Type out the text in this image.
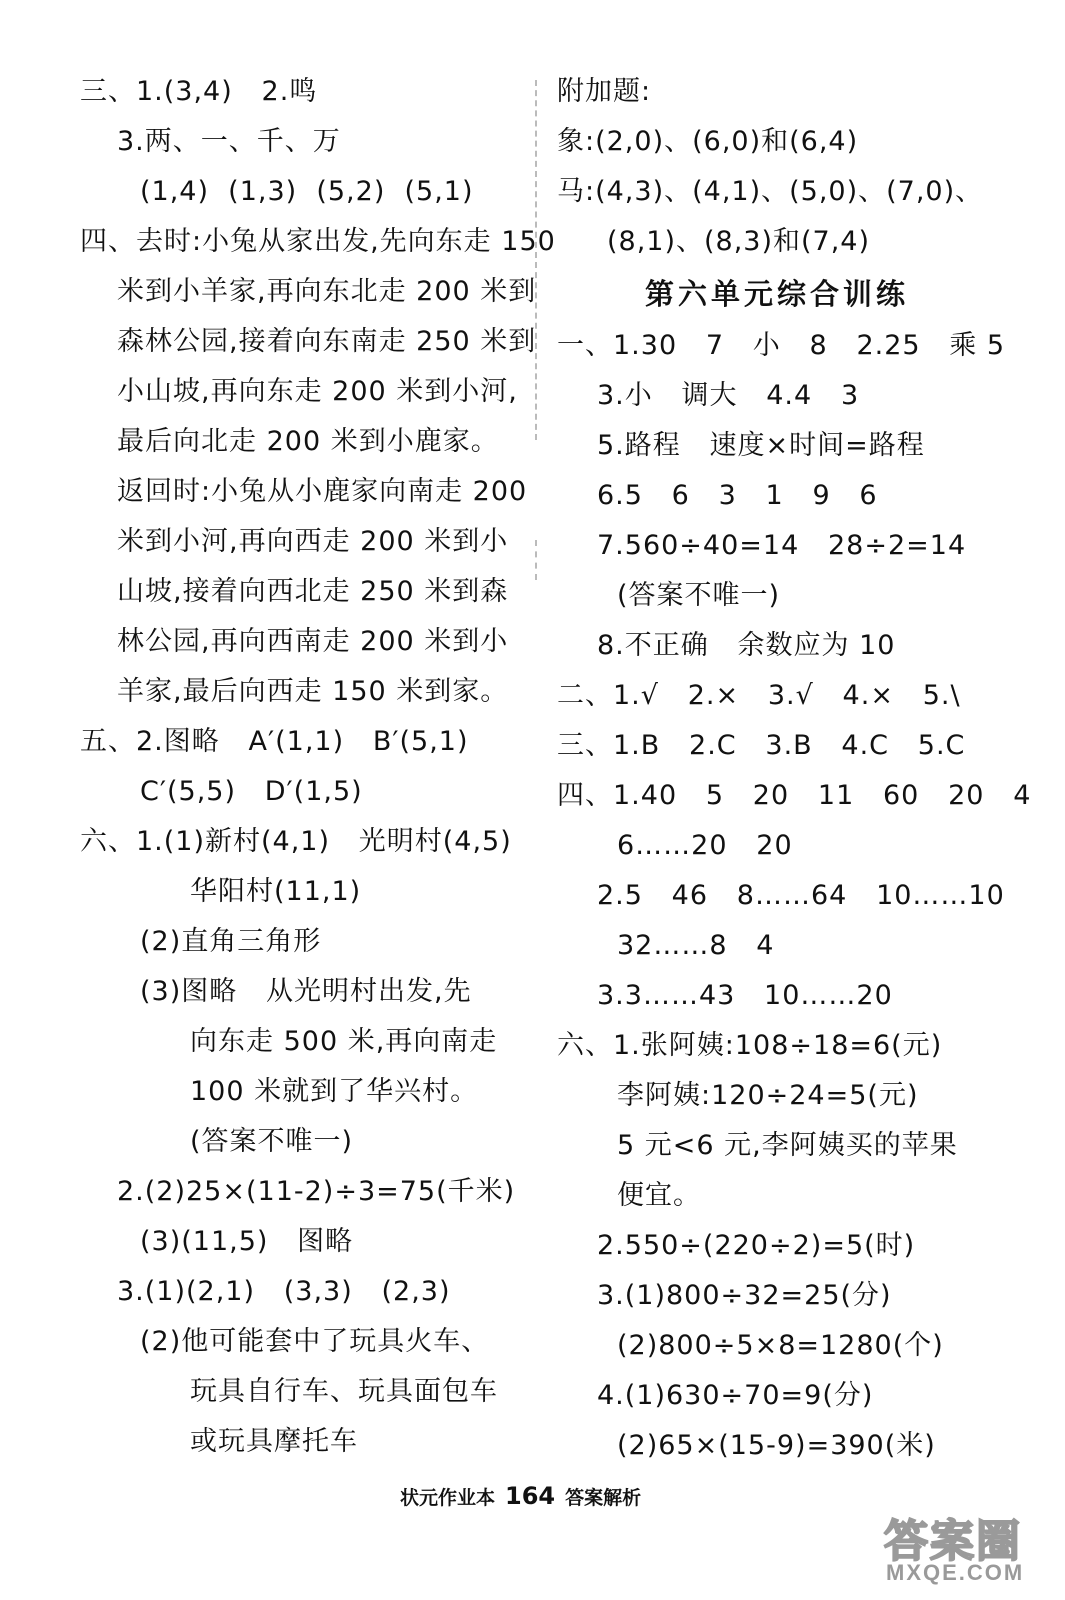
三、1.(3,4)   2.鸣
3.两、一、千、万
(1,4)  (1,3)  (5,2)  (5,1)
四、去时:小兔从家出发,先向东走 150
米到小羊家,再向东北走 200 米到
森林公园,接着向东南走 250 米到
小山坡,再向东走 200 米到小河,
最后向北走 200 米到小鹿家。
返回时:小兔从小鹿家向南走 200
米到小河,再向西走 200 米到小
山坡,接着向西北走 250 米到森
林公园,再向西南走 200 米到小
羊家,最后向西走 150 米到家。
五、2.图略   A′(1,1)   B′(5,1)
C′(5,5)   D′(1,5)
六、1.(1)新村(4,1)   光明村(4,5)
华阳村(11,1)
(2)直角三角形
(3)图略   从光明村出发,先
向东走 500 米,再向南走
100 米就到了华兴村。
(答案不唯一)
2.(2)25×(11-2)÷3=75(千米)
(3)(11,5)   图略
3.(1)(2,1)   (3,3)   (2,3)
(2)他可能套中了玩具火车、
玩具自行车、玩具面包车
或玩具摩托车
附加题:
象:(2,0)、(6,0)和(6,4)
马:(4,3)、(4,1)、(5,0)、(7,0)、
(8,1)、(8,3)和(7,4)
第六单元综合训练
一、1.30   7   小   8   2.25   乘 5
3.小   调大   4.4   3
5.路程   速度×时间=路程
6.5   6   3   1   9   6
7.560÷40=14   28÷2=14
(答案不唯一)
8.不正确   余数应为 10
二、1.√   2.×   3.√   4.×   5.\
三、1.B   2.C   3.B   4.C   5.C
四、1.40   5   20   11   60   20   4
6……20   20
2.5   46   8……64   10……10
32……8   4
3.3……43   10……20
六、1.张阿姨:108÷18=6(元)
李阿姨:120÷24=5(元)
5 元<6 元,李阿姨买的苹果
便宜。
2.550÷(220÷2)=5(时)
3.(1)800÷32=25(分)
(2)800÷5×8=1280(个)
4.(1)630÷70=9(分)
(2)65×(15-9)=390(米)
状元作业本 164 答案解析
答案圈
MXQE.COM
